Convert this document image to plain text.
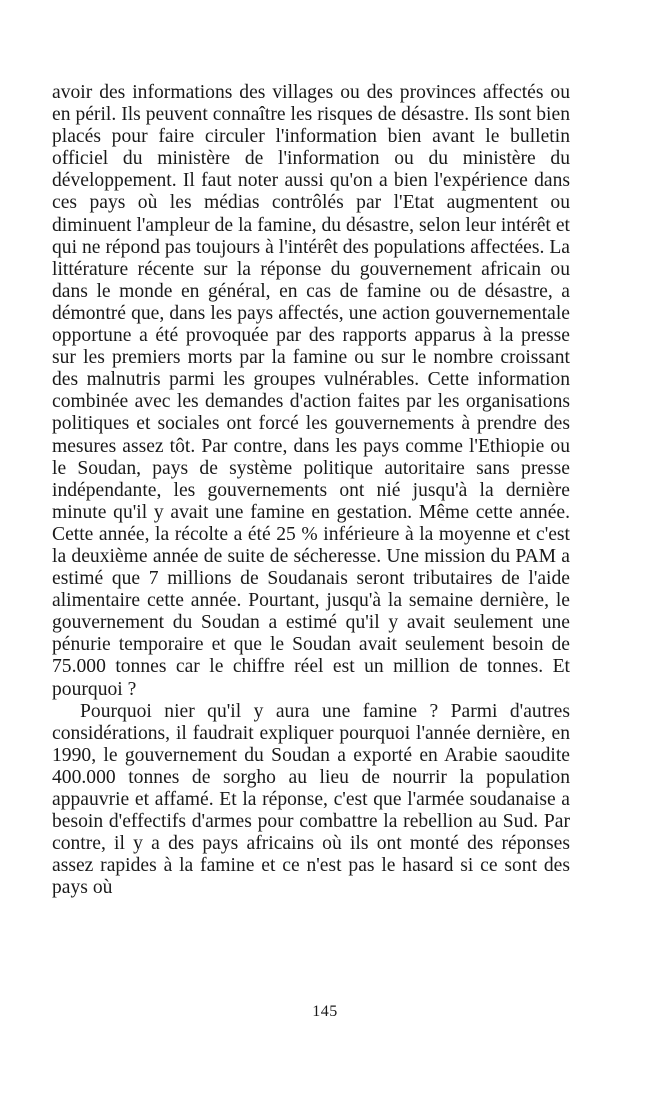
avoir des informations des villages ou des provinces affectés ou en péril. Ils peuvent connaître les risques de désastre. Ils sont bien placés pour faire circuler l'information bien avant le bulletin officiel du ministère de l'information ou du ministère du développement. Il faut noter aussi qu'on a bien l'expérience dans ces pays où les médias contrôlés par l'Etat augmentent ou diminuent l'ampleur de la famine, du désastre, selon leur intérêt et qui ne répond pas toujours à l'intérêt des populations affectées. La littérature récente sur la réponse du gouvernement africain ou dans le monde en général, en cas de famine ou de désastre, a démontré que, dans les pays affectés, une action gouvernementale opportune a été provoquée par des rapports apparus à la presse sur les premiers morts par la famine ou sur le nombre croissant des malnutris parmi les groupes vulnérables. Cette information combinée avec les demandes d'action faites par les organisations politiques et sociales ont forcé les gouvernements à prendre des mesures assez tôt. Par contre, dans les pays comme l'Ethiopie ou le Soudan, pays de système politique autoritaire sans presse indépendante, les gouvernements ont nié jusqu'à la dernière minute qu'il y avait une famine en gestation. Même cette année. Cette année, la récolte a été 25 % inférieure à la moyenne et c'est la deuxième année de suite de sécheresse. Une mission du PAM a estimé que 7 millions de Soudanais seront tributaires de l'aide alimentaire cette année. Pourtant, jusqu'à la semaine dernière, le gouvernement du Soudan a estimé qu'il y avait seulement une pénurie temporaire et que le Soudan avait seulement besoin de 75.000 tonnes car le chiffre réel est un million de tonnes. Et pourquoi ?

Pourquoi nier qu'il y aura une famine ? Parmi d'autres considérations, il faudrait expliquer pourquoi l'année dernière, en 1990, le gouvernement du Soudan a exporté en Arabie saoudite 400.000 tonnes de sorgho au lieu de nourrir la population appauvrie et affamé. Et la réponse, c'est que l'armée soudanaise a besoin d'effectifs d'armes pour combattre la rebellion au Sud. Par contre, il y a des pays africains où ils ont monté des réponses assez rapides à la famine et ce n'est pas le hasard si ce sont des pays où

145
